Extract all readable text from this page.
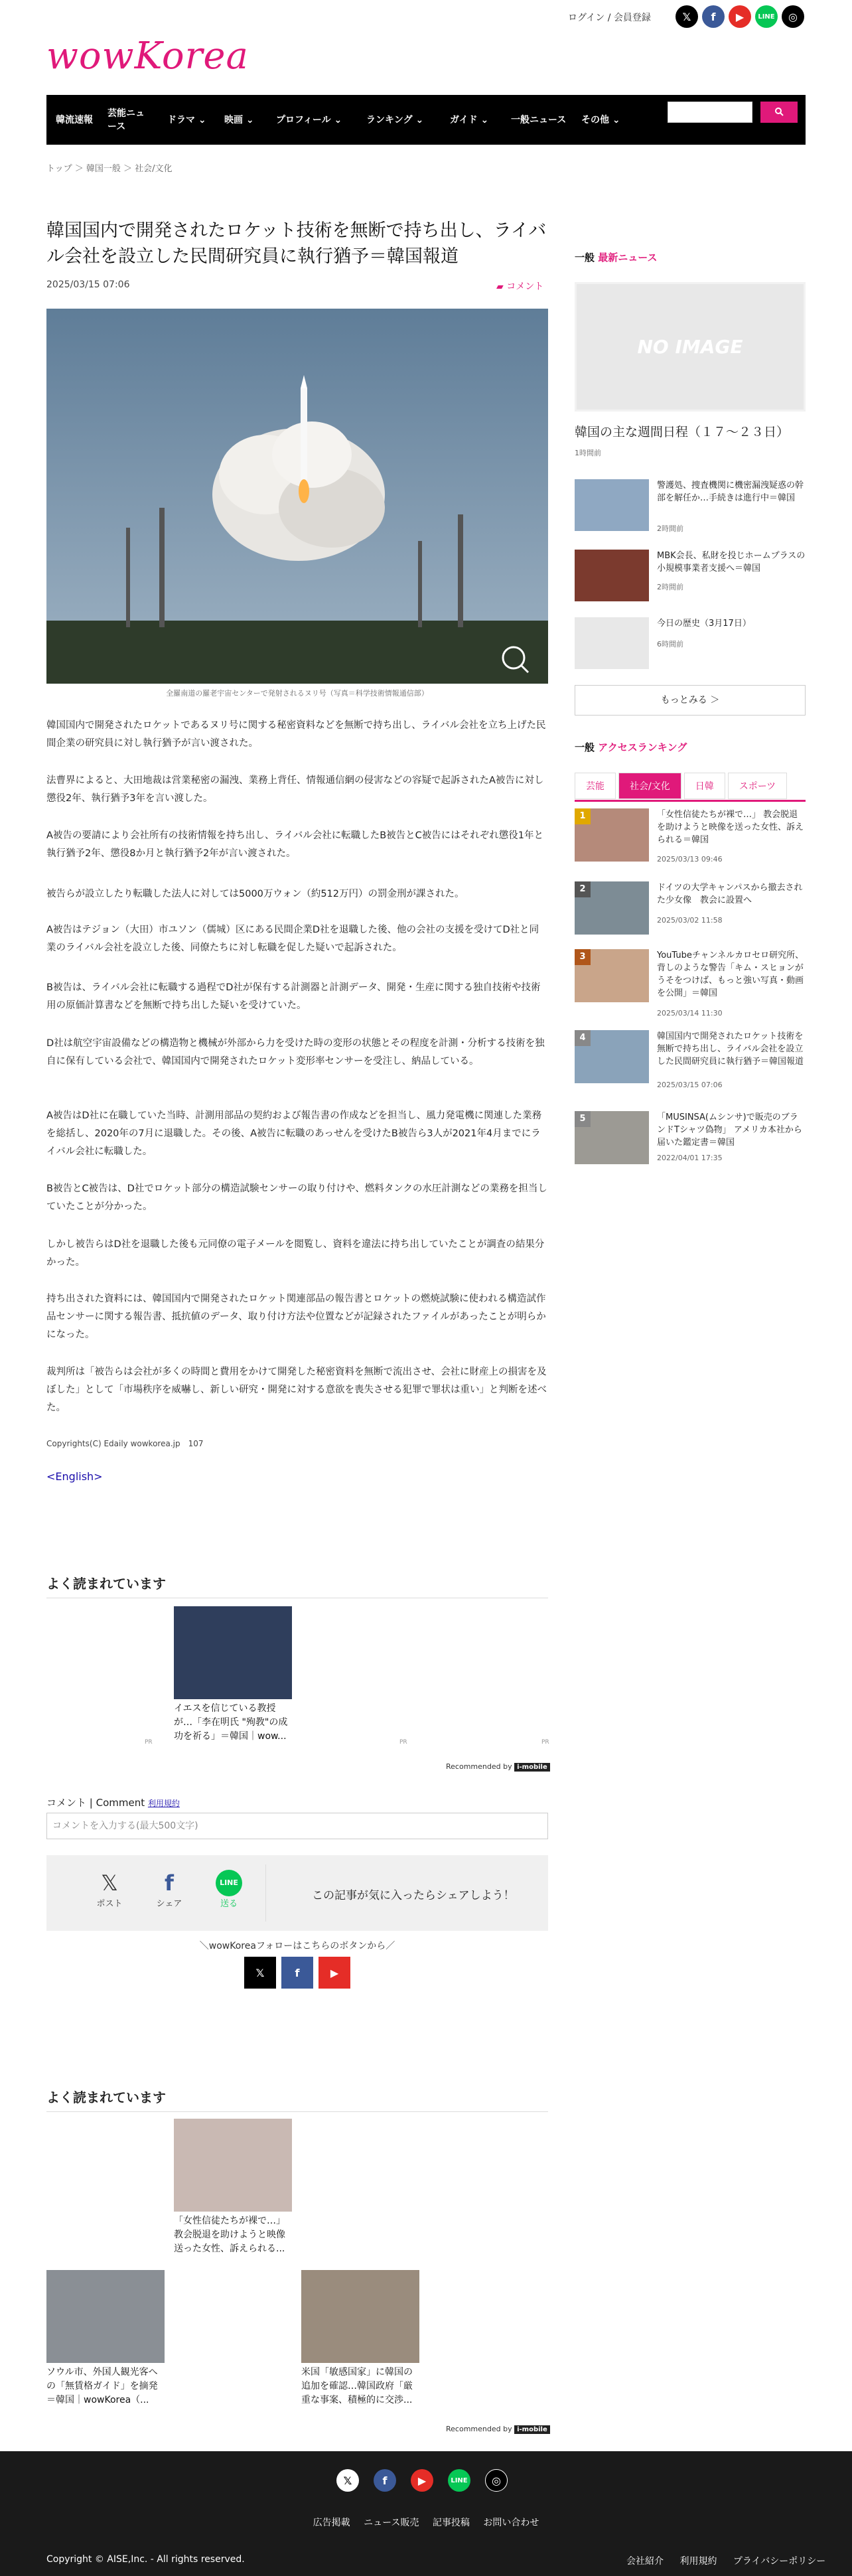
ログイン / 会員登録	𝕏	f	▶	LINE	◎
wowKorea
韓流速報
芸能ニュース
ドラマ ⌄	映画 ⌄	プロフィール ⌄	ランキング ⌄	ガイド ⌄	一般ニュース	その他 ⌄
トップ ＞ 韓国一般 ＞ 社会/文化
韓国国内で開発されたロケット技術を無断で持ち出し、ライバル会社を設立した民間研究員に執行猶予＝韓国報道
2025/03/15 07:06	▰ コメント
全羅南道の羅老宇宙センターで発射されるヌリ号（写真＝科学技術情報通信部）

韓国国内で開発されたロケットであるヌリ号に関する秘密資料などを無断で持ち出し、ライバル会社を立ち上げた民間企業の研究員に対し執行猶予が言い渡された。

法曹界によると、大田地裁は営業秘密の漏洩、業務上背任、情報通信網の侵害などの容疑で起訴されたA被告に対し懲役2年、執行猶予3年を言い渡した。

A被告の要請により会社所有の技術情報を持ち出し、ライバル会社に転職したB被告とC被告にはそれぞれ懲役1年と執行猶予2年、懲役8か月と執行猶予2年が言い渡された。

被告らが設立したり転職した法人に対しては5000万ウォン（約512万円）の罰金刑が課された。

A被告はテジョン（大田）市ユソン（儒城）区にある民間企業D社を退職した後、他の会社の支援を受けてD社と同業のライバル会社を設立した後、同僚たちに対し転職を促した疑いで起訴された。

B被告は、ライバル会社に転職する過程でD社が保有する計測器と計測データ、開発・生産に関する独自技術や技術用の原価計算書などを無断で持ち出した疑いを受けていた。

D社は航空宇宙設備などの構造物と機械が外部から力を受けた時の変形の状態とその程度を計測・分析する技術を独自に保有している会社で、韓国国内で開発されたロケット変形率センサーを受注し、納品している。

A被告はD社に在職していた当時、計測用部品の契約および報告書の作成などを担当し、風力発電機に関連した業務を総括し、2020年の7月に退職した。その後、A被告に転職のあっせんを受けたB被告ら3人が2021年4月までにライバル会社に転職した。

B被告とC被告は、D社でロケット部分の構造試験センサーの取り付けや、燃料タンクの水圧計測などの業務を担当していたことが分かった。

しかし被告らはD社を退職した後も元同僚の電子メールを閲覧し、資料を違法に持ち出していたことが調査の結果分かった。

持ち出された資料には、韓国国内で開発されたロケット関連部品の報告書とロケットの燃焼試験に使われる構造試作品センサーに関する報告書、抵抗値のデータ、取り付け方法や位置などが記録されたファイルがあったことが明らかになった。

裁判所は「被告らは会社が多くの時間と費用をかけて開発した秘密資料を無断で流出させ、会社に財産上の損害を及ぼした」として「市場秩序を威嚇し、新しい研究・開発に対する意欲を喪失させる犯罪で罪状は重い」と判断を述べた。

Copyrights(C) Edaily wowkorea.jp　107
<English>
一般 最新ニュース
NO IMAGE
韓国の主な週間日程（１７〜２３日）
1時間前
警護処、捜査機関に機密漏洩疑惑の幹部を解任か…手続きは進行中＝韓国
2時間前
MBK会長、私財を投じホームプラスの小規模事業者支援へ＝韓国
2時間前
今日の歴史（3月17日）
6時間前
もっとみる ＞
一般 アクセスランキング
芸能	社会/文化	日韓	スポーツ
1	「女性信徒たちが裸で…」 教会脱退を助けようと映像を送った女性、訴えられる＝韓国
2025/03/13 09:46
2	ドイツの大学キャンパスから撤去された少女像　教会に設置へ
2025/03/02 11:58
3	YouTubeチャンネルカロセロ研究所、背しのような警告「キム・スヒョンがうそをつけば、もっと強い写真・動画を公開」＝韓国
2025/03/14 11:30
4	韓国国内で開発されたロケット技術を無断で持ち出し、ライバル会社を設立した民間研究員に執行猶予＝韓国報道
2025/03/15 07:06
5	「MUSINSA(ムシンサ)で販売のブランドTシャツ偽物」 アメリカ本社から届いた鑑定書＝韓国
2022/04/01 17:35
よく読まれています
イエスを信じている教授が…「李在明氏 "殉教"の成功を祈る」＝韓国｜wow...
PR	PR	PR
Recommended by i-mobile
コメント | Comment 利用規約
コメントを入力する(最大500文字)
𝕏
ポスト
f
シェア
LINE
送る
この記事が気に入ったらシェアしよう！
＼wowKoreaフォローはこちらのボタンから／
𝕏	f	▶
よく読まれています
「女性信徒たちが裸で…」教会脱退を助けようと映像送った女性、訴えられる...
ソウル市、外国人観光客への「無賃格ガイド」を摘発＝韓国｜wowKorea（...
米国「敏感国家」に韓国の追加を確認…韓国政府「厳重な事案、積極的に交渉...
Recommended by i-mobile
𝕏	f	▶	LINE	◎
広告掲載 ニュース販売 記事投稿 お問い合わせ
Copyright © AISE,Inc. - All rights reserved.	会社紹介 利用規約 プライバシーポリシー
